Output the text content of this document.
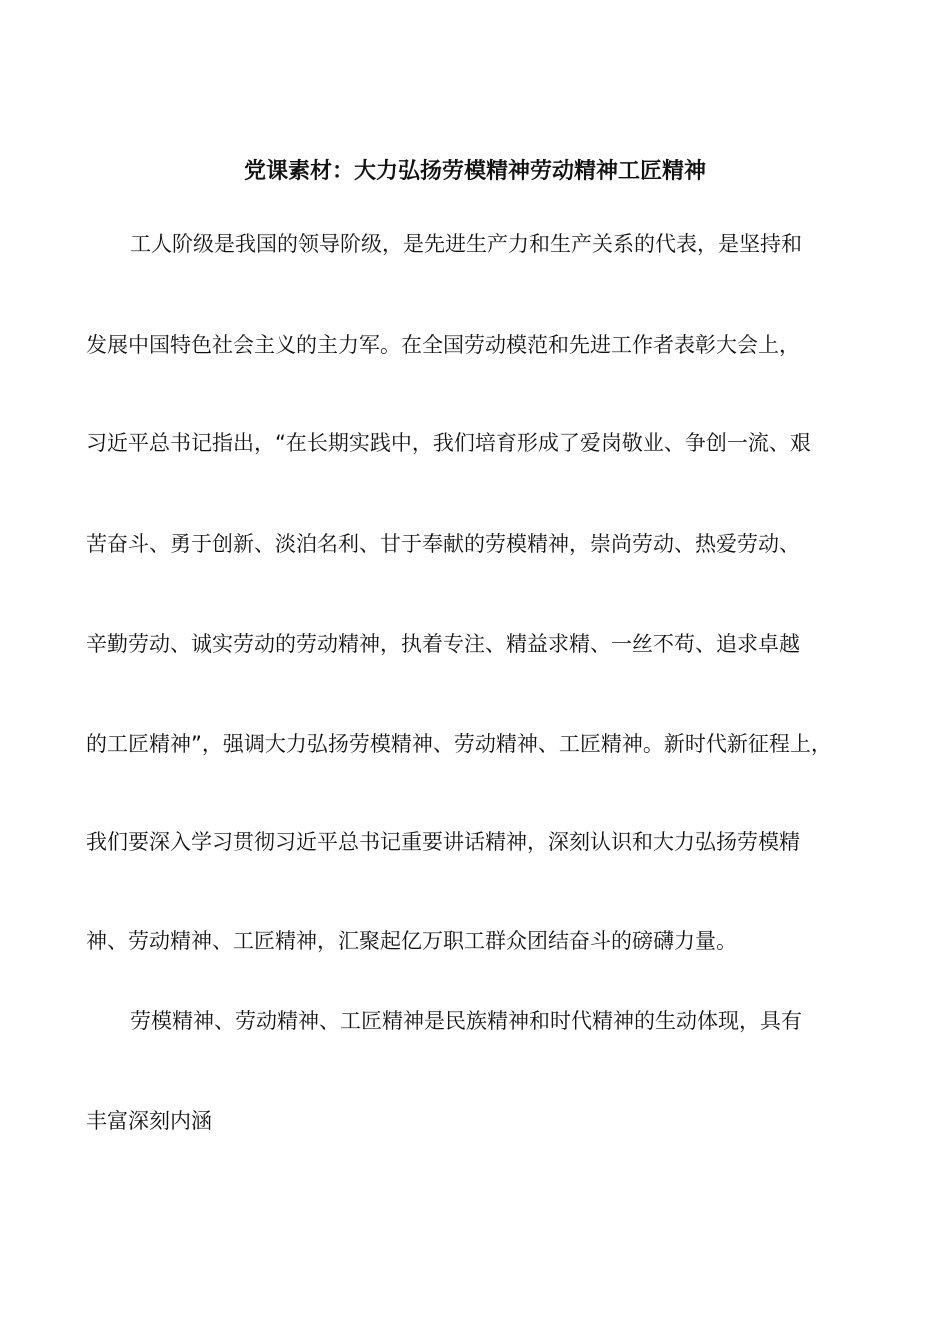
党课素材：大力弘扬劳模精神劳动精神工匠精神
工人阶级是我国的领导阶级，是先进生产力和生产关系的代表，是坚持和
发展中国特色社会主义的主力军。在全国劳动模范和先进工作者表彰大会上，
习近平总书记指出，“在长期实践中，我们培育形成了爱岗敬业、争创一流、艰
苦奋斗、勇于创新、淡泊名利、甘于奉献的劳模精神，崇尚劳动、热爱劳动、
辛勤劳动、诚实劳动的劳动精神，执着专注、精益求精、一丝不苟、追求卓越
的工匠精神”，强调大力弘扬劳模精神、劳动精神、工匠精神。新时代新征程上，
我们要深入学习贯彻习近平总书记重要讲话精神，深刻认识和大力弘扬劳模精
神、劳动精神、工匠精神，汇聚起亿万职工群众团结奋斗的磅礴力量。
劳模精神、劳动精神、工匠精神是民族精神和时代精神的生动体现，具有
丰富深刻内涵
